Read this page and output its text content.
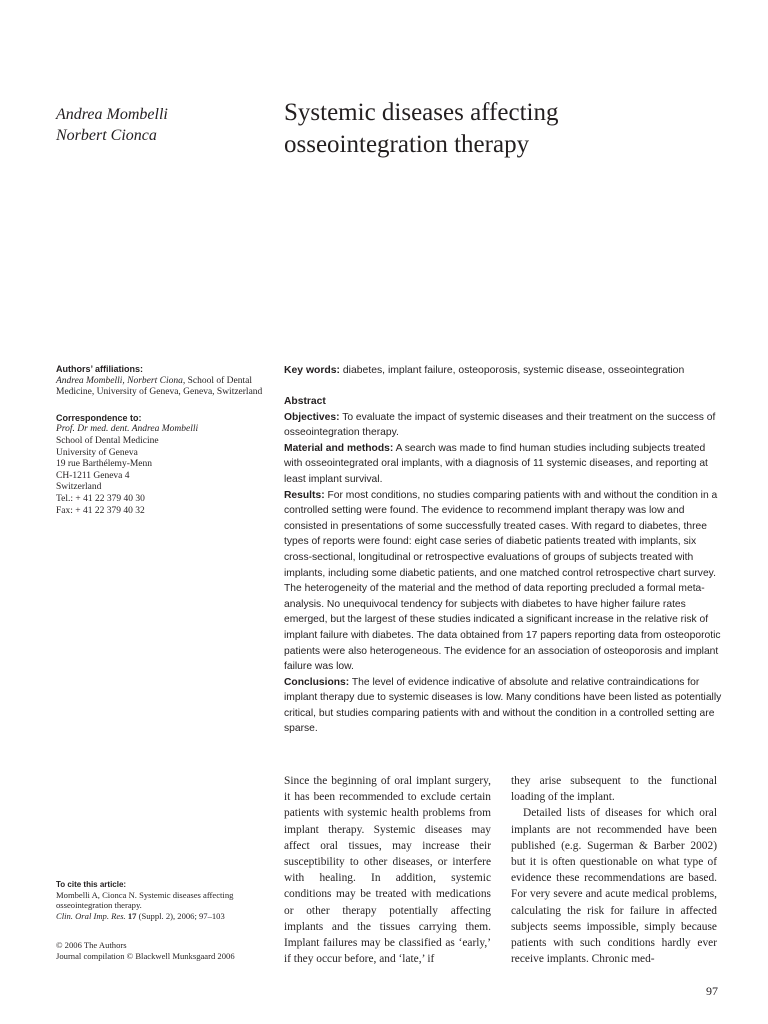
Andrea Mombelli
Norbert Cionca
Systemic diseases affecting
osseointegration therapy
Authors’ affiliations:
Andrea Mombelli, Norbert Ciona, School of Dental Medicine, University of Geneva, Geneva, Switzerland
Correspondence to:
Prof. Dr med. dent. Andrea Mombelli
School of Dental Medicine
University of Geneva
19 rue Barthélemy-Menn
CH-1211 Geneva 4
Switzerland
Tel.: + 41 22 379 40 30
Fax: + 41 22 379 40 32
To cite this article:
Mombelli A, Cionca N. Systemic diseases affecting osseointegration therapy.
Clin. Oral Imp. Res. 17 (Suppl. 2), 2006; 97–103
© 2006 The Authors
Journal compilation © Blackwell Munksgaard 2006
Key words: diabetes, implant failure, osteoporosis, systemic disease, osseointegration

Abstract

Objectives: To evaluate the impact of systemic diseases and their treatment on the success of osseointegration therapy.

Material and methods: A search was made to find human studies including subjects treated with osseointegrated oral implants, with a diagnosis of 11 systemic diseases, and reporting at least implant survival.

Results: For most conditions, no studies comparing patients with and without the condition in a controlled setting were found. The evidence to recommend implant therapy was low and consisted in presentations of some successfully treated cases. With regard to diabetes, three types of reports were found: eight case series of diabetic patients treated with implants, six cross-sectional, longitudinal or retrospective evaluations of groups of subjects treated with implants, including some diabetic patients, and one matched control retrospective chart survey. The heterogeneity of the material and the method of data reporting precluded a formal meta-analysis. No unequivocal tendency for subjects with diabetes to have higher failure rates emerged, but the largest of these studies indicated a significant increase in the relative risk of implant failure with diabetes. The data obtained from 17 papers reporting data from osteoporotic patients were also heterogeneous. The evidence for an association of osteoporosis and implant failure was low.

Conclusions: The level of evidence indicative of absolute and relative contraindications for implant therapy due to systemic diseases is low. Many conditions have been listed as potentially critical, but studies comparing patients with and without the condition in a controlled setting are sparse.

Since the beginning of oral implant surgery, it has been recommended to exclude certain patients with systemic health problems from implant therapy. Systemic diseases may affect oral tissues, may increase their susceptibility to other diseases, or interfere with healing. In addition, systemic conditions may be treated with medications or other therapy potentially affecting implants and the tissues carrying them. Implant failures may be classified as ‘early,’ if they occur before, and ‘late,’ if

they arise subsequent to the functional loading of the implant.

Detailed lists of diseases for which oral implants are not recommended have been published (e.g. Sugerman & Barber 2002) but it is often questionable on what type of evidence these recommendations are based. For very severe and acute medical problems, calculating the risk for failure in affected subjects seems impossible, simply because patients with such conditions hardly ever receive implants. Chronic med-

97
